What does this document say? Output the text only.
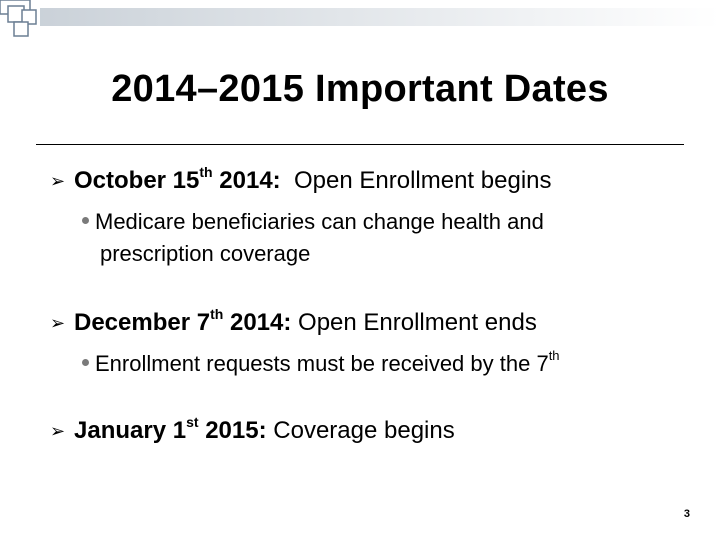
2014–2015 Important Dates
➢ October 15th 2014:  Open Enrollment begins
Medicare beneficiaries can change health and
prescription coverage
➢ December 7th 2014: Open Enrollment ends
Enrollment requests must be received by the 7th
➢ January 1st 2015: Coverage begins
3
